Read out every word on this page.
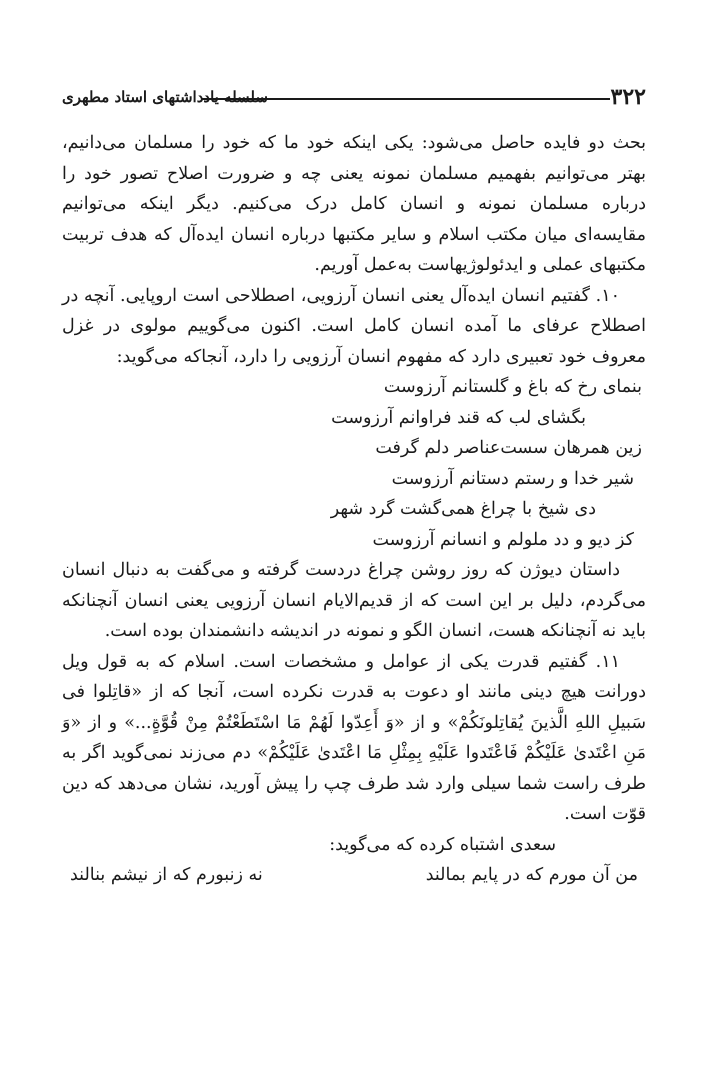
۳۲۲
سلسله یادداشتهای استاد مطهری

بحث دو فایده حاصل می‌شود: یکی اینکه خود ما که خود را مسلمان می‌دانیم، بهتر می‌توانیم بفهمیم مسلمان نمونه یعنی چه و ضرورت اصلاح تصور خود را درباره مسلمان نمونه و انسان کامل درک می‌کنیم. دیگر اینکه می‌توانیم مقایسه‌ای میان مکتب اسلام و سایر مکتبها درباره انسان ایده‌آل که هدف تربیت مکتبهای عملی و ایدئولوژیهاست به‌عمل آوریم.

۱۰. گفتیم انسان ایده‌آل یعنی انسان آرزویی، اصطلاحی است اروپایی. آنچه در اصطلاح عرفای ما آمده انسان کامل است. اکنون می‌گوییم مولوی در غزل معروف خود تعبیری دارد که مفهوم انسان آرزویی را دارد، آنجاکه می‌گوید:

بنمای رخ که باغ و گلستانم آرزوست

بگشای لب که قند فراوانم آرزوست

زین همرهان سست‌عناصر دلم گرفت

شیر خدا و رستم دستانم آرزوست

دی شیخ با چراغ همی‌گشت گرد شهر

کز دیو و دد ملولم و انسانم آرزوست

داستان دیوژن که روز روشن چراغ دردست گرفته و می‌گفت به دنبال انسان می‌گردم، دلیل بر این است که از قدیم‌الایام انسان آرزویی یعنی انسان آنچنانکه باید نه آنچنانکه هست، انسان الگو و نمونه در اندیشه دانشمندان بوده است.

۱۱. گفتیم قدرت یکی از عوامل و مشخصات است. اسلام که به قول ویل دورانت هیچ دینی مانند او دعوت به قدرت نکرده است، آنجا که از «قاتِلوا فی سَبیلِ اللهِ الَّذینَ یُقاتِلونَکُمْ» و از «وَ أَعِدّوا لَهُمْ مَا اسْتَطَعْتُمْ مِنْ قُوَّةٍ...» و از «وَ مَنِ اعْتَدیٰ عَلَیْکُمْ فَاعْتَدوا عَلَیْهِ بِمِثْلِ مَا اعْتَدیٰ عَلَیْکُمْ» دم می‌زند نمی‌گوید اگر به طرف راست شما سیلی وارد شد طرف چپ را پیش آورید، نشان می‌دهد که دین قوّت است.

سعدی اشتباه کرده که می‌گوید:

من آن مورم که در پایم بمالند
نه زنبورم که از نیشم بنالند
